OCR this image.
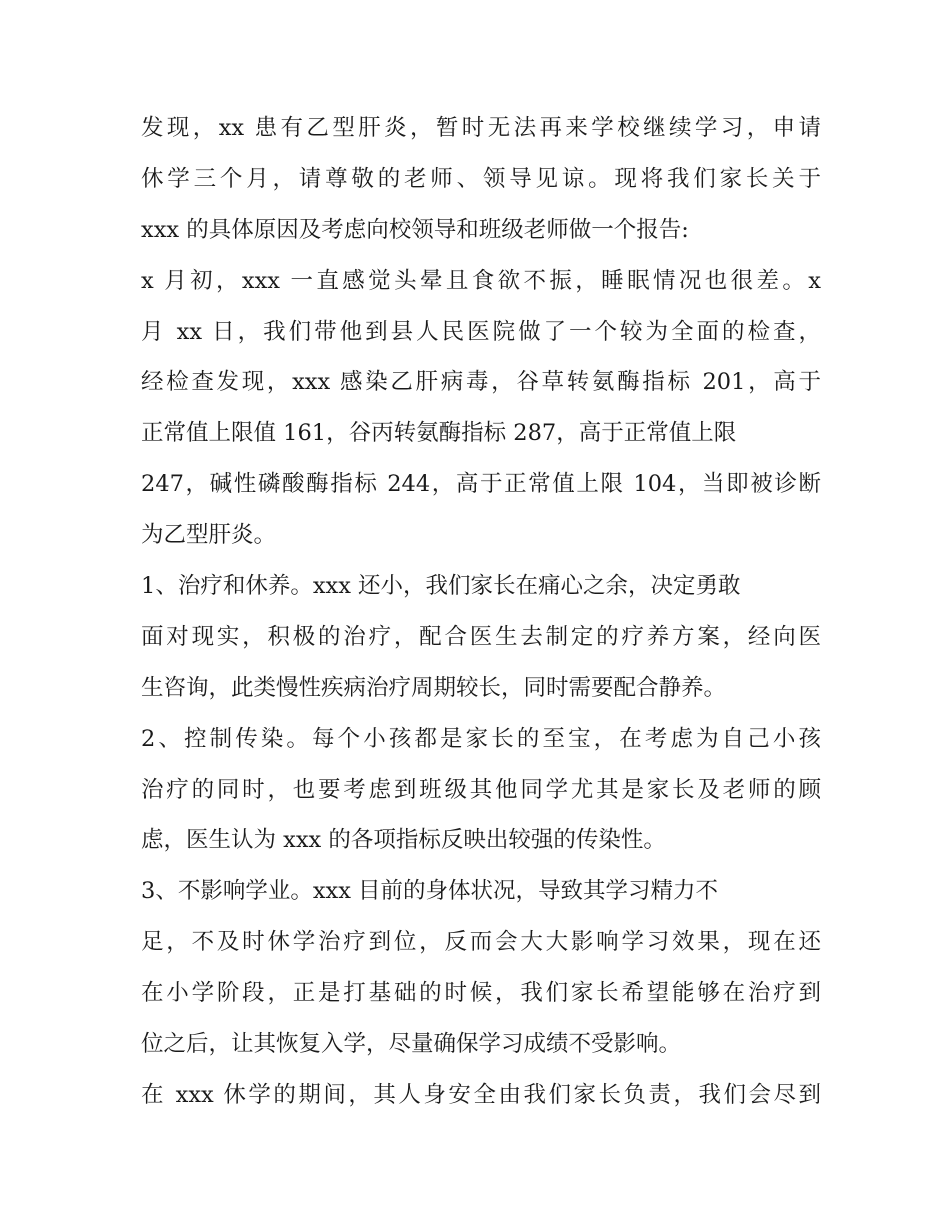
发现，xx 患有乙型肝炎，暂时无法再来学校继续学习，申请
休学三个月，请尊敬的老师、领导见谅。现将我们家长关于
xxx 的具体原因及考虑向校领导和班级老师做一个报告:
x 月初，xxx 一直感觉头晕且食欲不振，睡眠情况也很差。x
月 xx 日，我们带他到县人民医院做了一个较为全面的检查，
经检查发现，xxx 感染乙肝病毒，谷草转氨酶指标 201，高于
正常值上限值 161，谷丙转氨酶指标 287，高于正常值上限
247，碱性磷酸酶指标 244，高于正常值上限 104，当即被诊断
为乙型肝炎。
1、治疗和休养。xxx 还小，我们家长在痛心之余，决定勇敢
面对现实，积极的治疗，配合医生去制定的疗养方案，经向医
生咨询，此类慢性疾病治疗周期较长，同时需要配合静养。
2、控制传染。每个小孩都是家长的至宝，在考虑为自己小孩
治疗的同时，也要考虑到班级其他同学尤其是家长及老师的顾
虑，医生认为 xxx 的各项指标反映出较强的传染性。
3、不影响学业。xxx 目前的身体状况，导致其学习精力不
足，不及时休学治疗到位，反而会大大影响学习效果，现在还
在小学阶段，正是打基础的时候，我们家长希望能够在治疗到
位之后，让其恢复入学，尽量确保学习成绩不受影响。
在 xxx 休学的期间，其人身安全由我们家长负责，我们会尽到
